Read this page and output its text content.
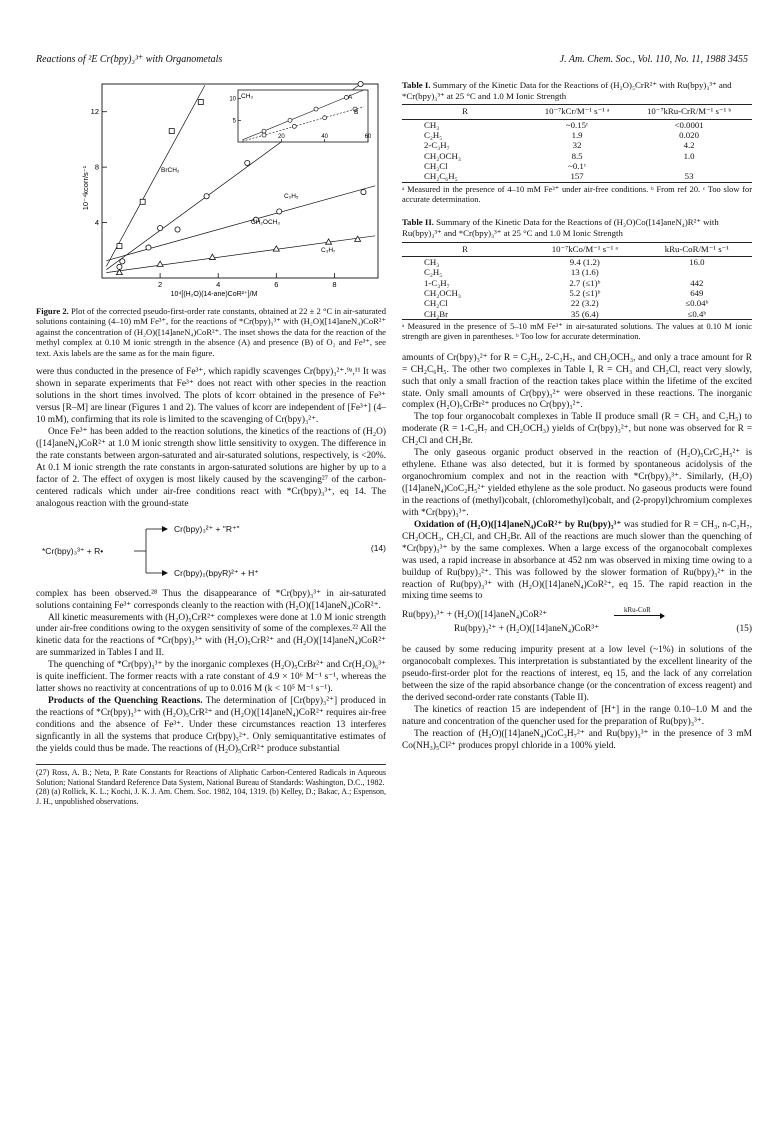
Reactions of ²E Cr(bpy)₃³⁺ with Organometals	J. Am. Chem. Soc., Vol. 110, No. 11, 1988 3455
10⁻⁴kcorr/s⁻¹
10⁴[(H₂O)(14-ane)CoR²⁺]/M
2	4	6	8
4
8
12
BrCH₂
C₂H₅
CH₂OCH₃
C₃H₇
20	40	60
5
10 CH₃	A
B

Figure 2. Plot of the corrected pseudo-first-order rate constants, obtained at 22 ± 2 °C in air-saturated solutions containing (4–10) mM Fe³⁺, for the reactions of *Cr(bpy)₃³⁺ with (H₂O)([14]aneN₄)CoR²⁺ against the concentration of (H₂O)([14]aneN₄)CoR²⁺. The inset shows the data for the reaction of the methyl complex at 0.10 M ionic strength in the absence (A) and presence (B) of O₂ and Fe³⁺, see text. Axis labels are the same as for the main figure.

were thus conducted in the presence of Fe³⁺, which rapidly scavenges Cr(bpy)₃²⁺.⁹ᵃ,¹¹ It was shown in separate experiments that Fe³⁺ does not react with other species in the reaction solutions in the short times involved. The plots of kcorr obtained in the presence of Fe³⁺ versus [R–M] are linear (Figures 1 and 2). The values of kcorr are independent of [Fe³⁺] (4–10 mM), confirming that its role is limited to the scavenging of Cr(bpy)₃²⁺.

Once Fe³⁺ has been added to the reaction solutions, the kinetics of the reactions of (H₂O)([14]aneN₄)CoR²⁺ at 1.0 M ionic strength show little sensitivity to oxygen. The difference in the rate constants between argon-saturated and air-saturated solutions, respectively, is <20%. At 0.1 M ionic strength the rate constants in argon-saturated solutions are higher by up to a factor of 2. The effect of oxygen is most likely caused by the scavenging²⁷ of the carbon-centered radicals which under air-free conditions react with *Cr(bpy)₃³⁺, eq 14. The analogous reaction with the ground-state

*Cr(bpy)₃³⁺ + R•
Cr(bpy)₃²⁺ + "R⁺"
Cr(bpy)₂(bpyR)²⁺ + H⁺
(14)

complex has been observed.²⁸ Thus the disappearance of *Cr(bpy)₃³⁺ in air-saturated solutions containing Fe³⁺ corresponds cleanly to the reaction with (H₂O)([14]aneN₄)CoR²⁺.

All kinetic measurements with (H₂O)₅CrR²⁺ complexes were done at 1.0 M ionic strength under air-free conditions owing to the oxygen sensitivity of some of the complexes.²² All the kinetic data for the reactions of *Cr(bpy)₃³⁺ with (H₂O)₅CrR²⁺ and (H₂O)([14]aneN₄)CoR²⁺ are summarized in Tables I and II.

The quenching of *Cr(bpy)₃³⁺ by the inorganic complexes (H₂O)₅CrBr²⁺ and Cr(H₂O)₆³⁺ is quite inefficient. The former reacts with a rate constant of 4.9 × 10⁶ M⁻¹ s⁻¹, whereas the latter shows no reactivity at concentrations of up to 0.016 M (k < 10⁵ M⁻¹ s⁻¹).

Products of the Quenching Reactions. The determination of [Cr(bpy)₃²⁺] produced in the reactions of *Cr(bpy)₃³⁺ with (H₂O)₅CrR²⁺ and (H₂O)([14]aneN₄)CoR²⁺ requires air-free conditions and the absence of Fe³⁺. Under these circumstances reaction 13 interferes signficantly in all the systems that produce Cr(bpy)₃²⁺. Only semiquantitative estimates of the yields could thus be made. The reactions of (H₂O)₅CrR²⁺ produce substantial

(27) Ross, A. B.; Neta, P. Rate Constants for Reactions of Aliphatic Carbon-Centered Radicals in Aqueous Solution; National Standard Reference Data System, National Bureau of Standards: Washington, D.C., 1982.
(28) (a) Rollick, K. L.; Kochi, J. K. J. Am. Chem. Soc. 1982, 104, 1319. (b) Kelley, D.; Bakac, A.; Espenson, J. H., unpublished observations.
Table I. Summary of the Kinetic Data for the Reactions of (H₂O)₅CrR²⁺ with Ru(bpy)₃³⁺ and *Cr(bpy)₃³⁺ at 25 °C and 1.0 M Ionic Strength
R	10⁻⁷kCr/M⁻¹ s⁻¹ ᵃ	10⁻⁷kRu-CrR/M⁻¹ s⁻¹ ᵇ
CH₃	~0.15ᶜ	<0.0001
C₂H₅	1.9	0.020
2-C₃H₇	32	4.2
CH₂OCH₃	8.5	1.0
CH₂Cl	~0.1ᶜ	
CH₂C₆H₅	157	53
ᵃ Measured in the presence of 4–10 mM Fe³⁺ under air-free conditions. ᵇ From ref 20. ᶜ Too slow for accurate determination.
Table II. Summary of the Kinetic Data for the Reactions of (H₂O)Co([14]aneN₄)R²⁺ with Ru(bpy)₃³⁺ and *Cr(bpy)₃³⁺ at 25 °C and 1.0 M Ionic Strength
R	10⁻⁷kCo/M⁻¹ s⁻¹ ᵃ	kRu-CoR/M⁻¹ s⁻¹
CH₃	9.4 (1.2)	16.0
C₂H₅	13 (1.6)	
1-C₃H₇	2.7 (≤1)ᵇ	442
CH₂OCH₃	5.2 (≤1)ᵇ	649
CH₂Cl	22 (3.2)	≤0.04ᵇ
CH₂Br	35 (6.4)	≤0.4ᵇ
ᵃ Measured in the presence of 5–10 mM Fe³⁺ in air-saturated solutions. The values at 0.10 M ionic strength are given in parentheses. ᵇ Too low for accurate determination.

amounts of Cr(bpy)₃²⁺ for R = C₂H₅, 2-C₃H₇, and CH₂OCH₃, and only a trace amount for R = CH₂C₆H₅. The other two complexes in Table I, R = CH₃ and CH₂Cl, react very slowly, such that only a small fraction of the reaction takes place within the lifetime of the excited state. Only small amounts of Cr(bpy)₃²⁺ were observed in these reactions. The inorganic complex (H₂O)₅CrBr²⁺ produces no Cr(bpy)₃²⁺.

The top four organocobalt complexes in Table II produce small (R = CH₃ and C₂H₅) to moderate (R = 1-C₃H₇ and CH₂OCH₃) yields of Cr(bpy)₃²⁺, but none was observed for R = CH₂Cl and CH₂Br.

The only gaseous organic product observed in the reaction of (H₂O)₅CrC₂H₅²⁺ is ethylene. Ethane was also detected, but it is formed by spontaneous acidolysis of the organochromium complex and not in the reaction with *Cr(bpy)₃³⁺. Similarly, (H₂O)([14]aneN₄)CoC₂H₅²⁺ yielded ethylene as the sole product. No gaseous products were found in the reactions of (methyl)cobalt, (chloromethyl)cobalt, and (2-propyl)chromium complexes with *Cr(bpy)₃³⁺.

Oxidation of (H₂O)([14]aneN₄)CoR²⁺ by Ru(bpy)₃³⁺ was studied for R = CH₃, n-C₃H₇, CH₂OCH₃, CH₂Cl, and CH₂Br. All of the reactions are much slower than the quenching of *Cr(bpy)₃³⁺ by the same complexes. When a large excess of the organocobalt complexes was used, a rapid increase in absorbance at 452 nm was observed in mixing time owing to a buildup of Ru(bpy)₃²⁺. This was followed by the slower formation of Ru(bpy)₃²⁺ in the reaction of Ru(bpy)₃³⁺ with (H₂O)([14]aneN₄)CoR²⁺, eq 15. The rapid reaction in the mixing time seems to

Ru(bpy)₃³⁺ + (H₂O)([14]aneN₄)CoR²⁺	kRu-CoR
Ru(bpy)₃²⁺ + (H₂O)([14]aneN₄)CoR³⁺	(15)

be caused by some reducing impurity present at a low level (~1%) in solutions of the organocobalt complexes. This interpretation is substantiated by the excellent linearity of the pseudo-first-order plot for the reactions of interest, eq 15, and the lack of any correlation between the size of the rapid absorbance change (or the concentration of excess reagent) and the derived second-order rate constants (Table II).

The kinetics of reaction 15 are independent of [H⁺] in the range 0.10–1.0 M and the nature and concentration of the quencher used for the preparation of Ru(bpy)₃³⁺.

The reaction of (H₂O)([14]aneN₄)CoC₃H₇²⁺ and Ru(bpy)₃³⁺ in the presence of 3 mM Co(NH₃)₅Cl²⁺ produces propyl chloride in a 100% yield.
